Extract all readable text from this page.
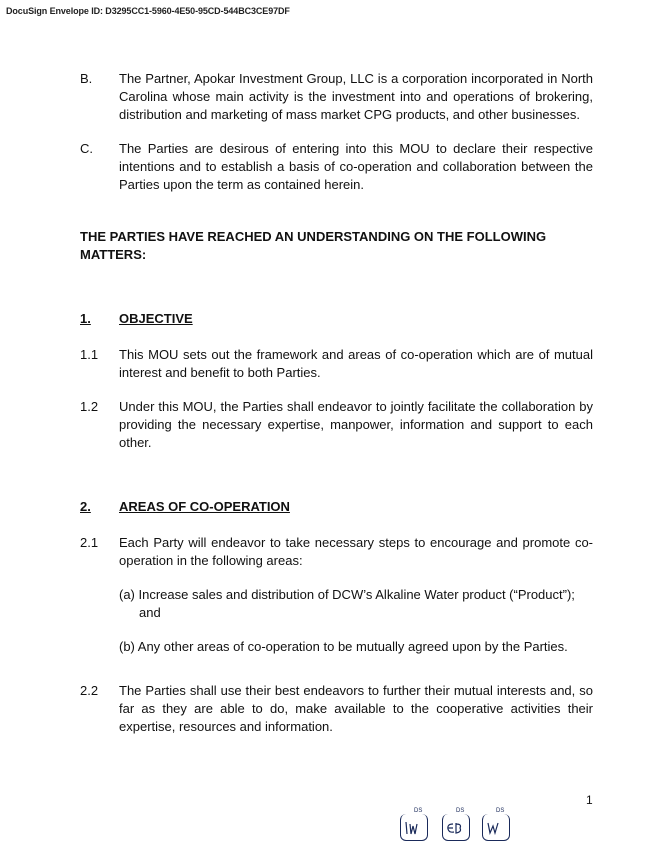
DocuSign Envelope ID: D3295CC1-5960-4E50-95CD-544BC3CE97DF
B.	The Partner, Apokar Investment Group, LLC is a corporation incorporated in North Carolina whose main activity is the investment into and operations of brokering, distribution and marketing of mass market CPG products, and other businesses.
C.	The Parties are desirous of entering into this MOU to declare their respective intentions and to establish a basis of co-operation and collaboration between the Parties upon the term as contained herein.
THE PARTIES HAVE REACHED AN UNDERSTANDING ON THE FOLLOWING MATTERS:
1.	OBJECTIVE
1.1	This MOU sets out the framework and areas of co-operation which are of mutual interest and benefit to both Parties.
1.2	Under this MOU, the Parties shall endeavor to jointly facilitate the collaboration by providing the necessary expertise, manpower, information and support to each other.
2.	AREAS OF CO-OPERATION
2.1	Each Party will endeavor to take necessary steps to encourage and promote co-operation in the following areas:
(a) Increase sales and distribution of DCW’s Alkaline Water product (“Product”);
and
(b) Any other areas of co-operation to be mutually agreed upon by the Parties.
2.2	The Parties shall use their best endeavors to further their mutual interests and, so far as they are able to do, make available to the cooperative activities their expertise, resources and information.
1
DS	DS	DS
